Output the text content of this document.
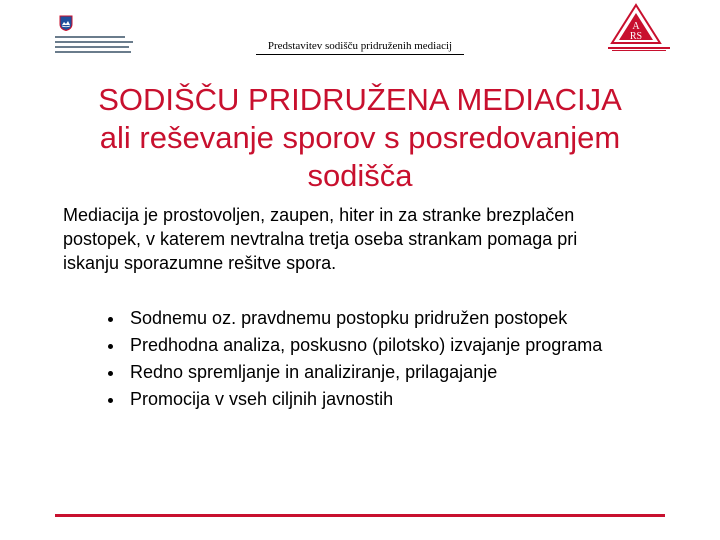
Predstavitev sodišču pridruženih mediacij
A
RS
SODIŠČU PRIDRUŽENA MEDIACIJA
ali reševanje sporov s posredovanjem
sodišča
Mediacija je prostovoljen, zaupen, hiter in za stranke brezplačen
postopek, v katerem nevtralna tretja oseba strankam pomaga pri
iskanju sporazumne rešitve spora.
Sodnemu oz. pravdnemu postopku pridružen postopek
Predhodna analiza, poskusno (pilotsko) izvajanje programa
Redno spremljanje in analiziranje, prilagajanje
Promocija v vseh ciljnih javnostih
